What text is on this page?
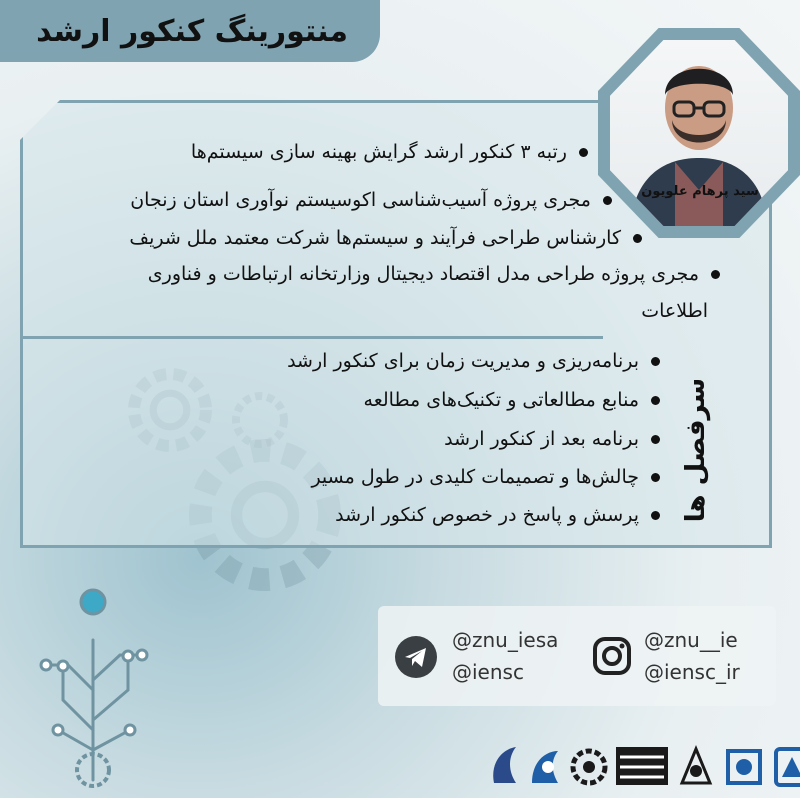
منتورینگ کنکور ارشد
رتبه ۳ کنکور ارشد گرایش بهینه سازی سیستم‌ها
مجری پروژه آسیب‌شناسی اکوسیستم نوآوری استان زنجان
کارشناس طراحی فرآیند و سیستم‌ها شرکت معتمد ملل شریف
مجری پروژه طراحی مدل اقتصاد دیجیتال وزارتخانه ارتباطات و فناوری
اطلاعات
برنامه‌ریزی و مدیریت زمان برای کنکور ارشد
منابع مطالعاتی و تکنیک‌های مطالعه
برنامه بعد از کنکور ارشد
چالش‌ها و تصمیمات کلیدی در طول مسیر
پرسش و پاسخ در خصوص کنکور ارشد	سرفصل ها
سید پرهام علویون
@znu_iesa
@iensc
@znu__ie
@iensc_ir
